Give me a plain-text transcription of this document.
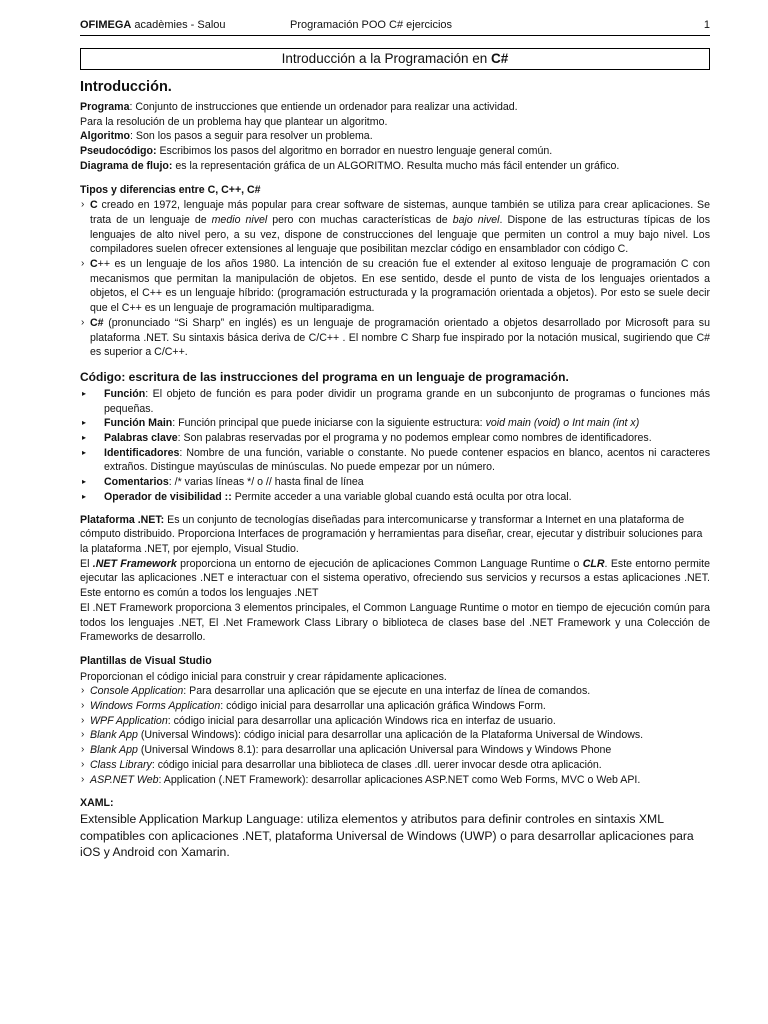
OFIMEGA acadèmies - Salou	Programación POO C# ejercicios	1
Introducción a la Programación en C#
Introducción.

Programa: Conjunto de instrucciones que entiende un ordenador para realizar una actividad.

Para la resolución de un problema hay que plantear un algoritmo.

Algoritmo: Son los pasos a seguir para resolver un problema.

Pseudocódigo: Escribimos los pasos del algoritmo en borrador en nuestro lenguaje general común.

Diagrama de flujo: es la representación gráfica de un ALGORITMO. Resulta mucho más fácil entender un gráfico.

Tipos y diferencias entre C, C++, C#
› C creado en 1972, lenguaje más popular para crear software de sistemas, aunque también se utiliza para crear aplicaciones. Se trata de un lenguaje de medio nivel pero con muchas características de bajo nivel. Dispone de las estructuras típicas de los lenguajes de alto nivel pero, a su vez, dispone de construcciones del lenguaje que permiten un control a muy bajo nivel. Los compiladores suelen ofrecer extensiones al lenguaje que posibilitan mezclar código en ensamblador con código C.
› C++ es un lenguaje de los años 1980. La intención de su creación fue el extender al exitoso lenguaje de programación C con mecanismos que permitan la manipulación de objetos. En ese sentido, desde el punto de vista de los lenguajes orientados a objetos, el C++ es un lenguaje híbrido: (programación estructurada y la programación orientada a objetos). Por esto se suele decir que el C++ es un lenguaje de programación multiparadigma.
› C# (pronunciado “Si Sharp” en inglés) es un lenguaje de programación orientado a objetos desarrollado por Microsoft para su plataforma .NET. Su sintaxis básica deriva de C/C++ . El nombre C Sharp fue inspirado por la notación musical, sugiriendo que C# es superior a C/C++.
Código: escritura de las instrucciones del programa en un lenguaje de programación.
▸ Función: El objeto de función es para poder dividir un programa grande en un subconjunto de programas o funciones más pequeñas.
▸ Función Main: Función principal que puede iniciarse con la siguiente estructura: void main (void) o Int main (int x)
▸ Palabras clave: Son palabras reservadas por el programa y no podemos emplear como nombres de identificadores.
▸ Identificadores: Nombre de una función, variable o constante. No puede contener espacios en blanco, acentos ni caracteres extraños. Distingue mayúsculas de minúsculas. No puede empezar por un número.
▸ Comentarios: /* varias líneas */ o // hasta final de línea
▸ Operador de visibilidad :: Permite acceder a una variable global cuando está oculta por otra local.

Plataforma .NET: Es un conjunto de tecnologías diseñadas para intercomunicarse y transformar a Internet en una plataforma de cómputo distribuido. Proporciona Interfaces de programación y herramientas para diseñar, crear, ejecutar y distribuir soluciones para la plataforma .NET, por ejemplo, Visual Studio.

El .NET Framework proporciona un entorno de ejecución de aplicaciones Common Language Runtime o CLR. Este entorno permite ejecutar las aplicaciones .NET e interactuar con el sistema operativo, ofreciendo sus servicios y recursos a estas aplicaciones .NET. Este entorno es común a todos los lenguajes .NET

El .NET Framework proporciona 3 elementos principales, el Common Language Runtime o motor en tiempo de ejecución común para todos los lenguajes .NET, El .Net Framework Class Library o biblioteca de clases base del .NET Framework y una Colección de Frameworks de desarrollo.

Plantillas de Visual Studio

Proporcionan el código inicial para construir y crear rápidamente aplicaciones.

› Console Application: Para desarrollar una aplicación que se ejecute en una interfaz de línea de comandos.
› Windows Forms Application: código inicial para desarrollar una aplicación gráfica Windows Form.
› WPF Application: código inicial para desarrollar una aplicación Windows rica en interfaz de usuario.
› Blank App (Universal Windows): código inicial para desarrollar una aplicación de la Plataforma Universal de Windows.
› Blank App (Universal Windows 8.1): para desarrollar una aplicación Universal para Windows y Windows Phone
› Class Library: código inicial para desarrollar una biblioteca de clases .dll. uerer invocar desde otra aplicación.
› ASP.NET Web: Application (.NET Framework): desarrollar aplicaciones ASP.NET como Web Forms, MVC o Web API.
XAML:

Extensible Application Markup Language: utiliza elementos y atributos para definir controles en sintaxis XML compatibles con aplicaciones .NET, plataforma Universal de Windows (UWP) o para desarrollar aplicaciones para iOS y Android con Xamarin.
